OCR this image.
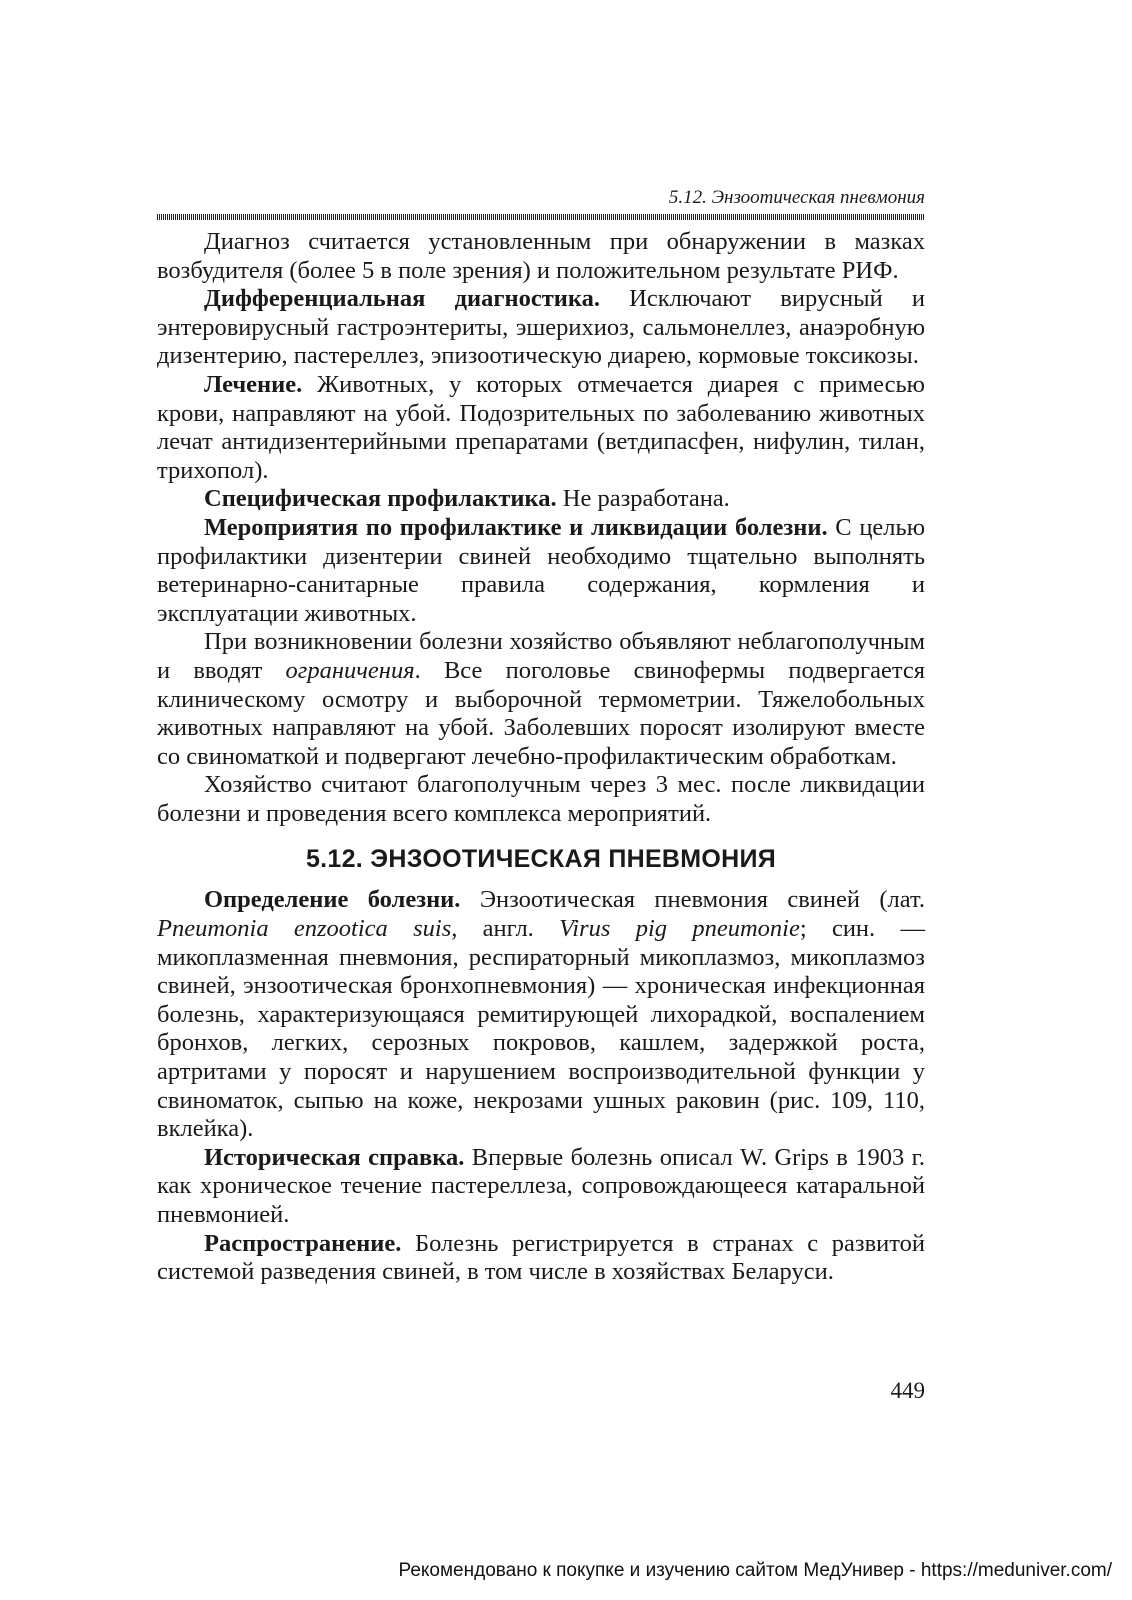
5.12. Энзоотическая пневмония

Диагноз считается установленным при обнаружении в мазках возбудителя (более 5 в поле зрения) и положительном результате РИФ.

Дифференциальная диагностика. Исключают вирусный и энтеровирусный гастроэнтериты, эшерихиоз, сальмонеллез, анаэробную дизентерию, пастереллез, эпизоотическую диарею, кормовые токсикозы.

Лечение. Животных, у которых отмечается диарея с примесью крови, направляют на убой. Подозрительных по заболеванию животных лечат антидизентерийными препаратами (ветдипасфен, нифулин, тилан, трихопол).

Специфическая профилактика. Не разработана.

Мероприятия по профилактике и ликвидации болезни. С целью профилактики дизентерии свиней необходимо тщательно выполнять ветеринарно-санитарные правила содержания, кормления и эксплуатации животных.

При возникновении болезни хозяйство объявляют неблагополучным и вводят ограничения. Все поголовье свинофермы подвергается клиническому осмотру и выборочной термометрии. Тяжелобольных животных направляют на убой. Заболевших поросят изолируют вместе со свиноматкой и подвергают лечебно-профилактическим обработкам.

Хозяйство считают благополучным через 3 мес. после ликвидации болезни и проведения всего комплекса мероприятий.

5.12. ЭНЗООТИЧЕСКАЯ ПНЕВМОНИЯ

Определение болезни. Энзоотическая пневмония свиней (лат. Pneumonia enzootica suis, англ. Virus pig pneumonie; син. — микоплазменная пневмония, респираторный микоплазмоз, микоплазмоз свиней, энзоотическая бронхопневмония) — хроническая инфекционная болезнь, характеризующаяся ремитирующей лихорадкой, воспалением бронхов, легких, серозных покровов, кашлем, задержкой роста, артритами у поросят и нарушением воспроизводительной функции у свиноматок, сыпью на коже, некрозами ушных раковин (рис. 109, 110, вклейка).

Историческая справка. Впервые болезнь описал W. Grips в 1903 г. как хроническое течение пастереллеза, сопровождающееся катаральной пневмонией.

Распространение. Болезнь регистрируется в странах с развитой системой разведения свиней, в том числе в хозяйствах Беларуси.

449
Рекомендовано к покупке и изучению сайтом МедУнивер - https://meduniver.com/
